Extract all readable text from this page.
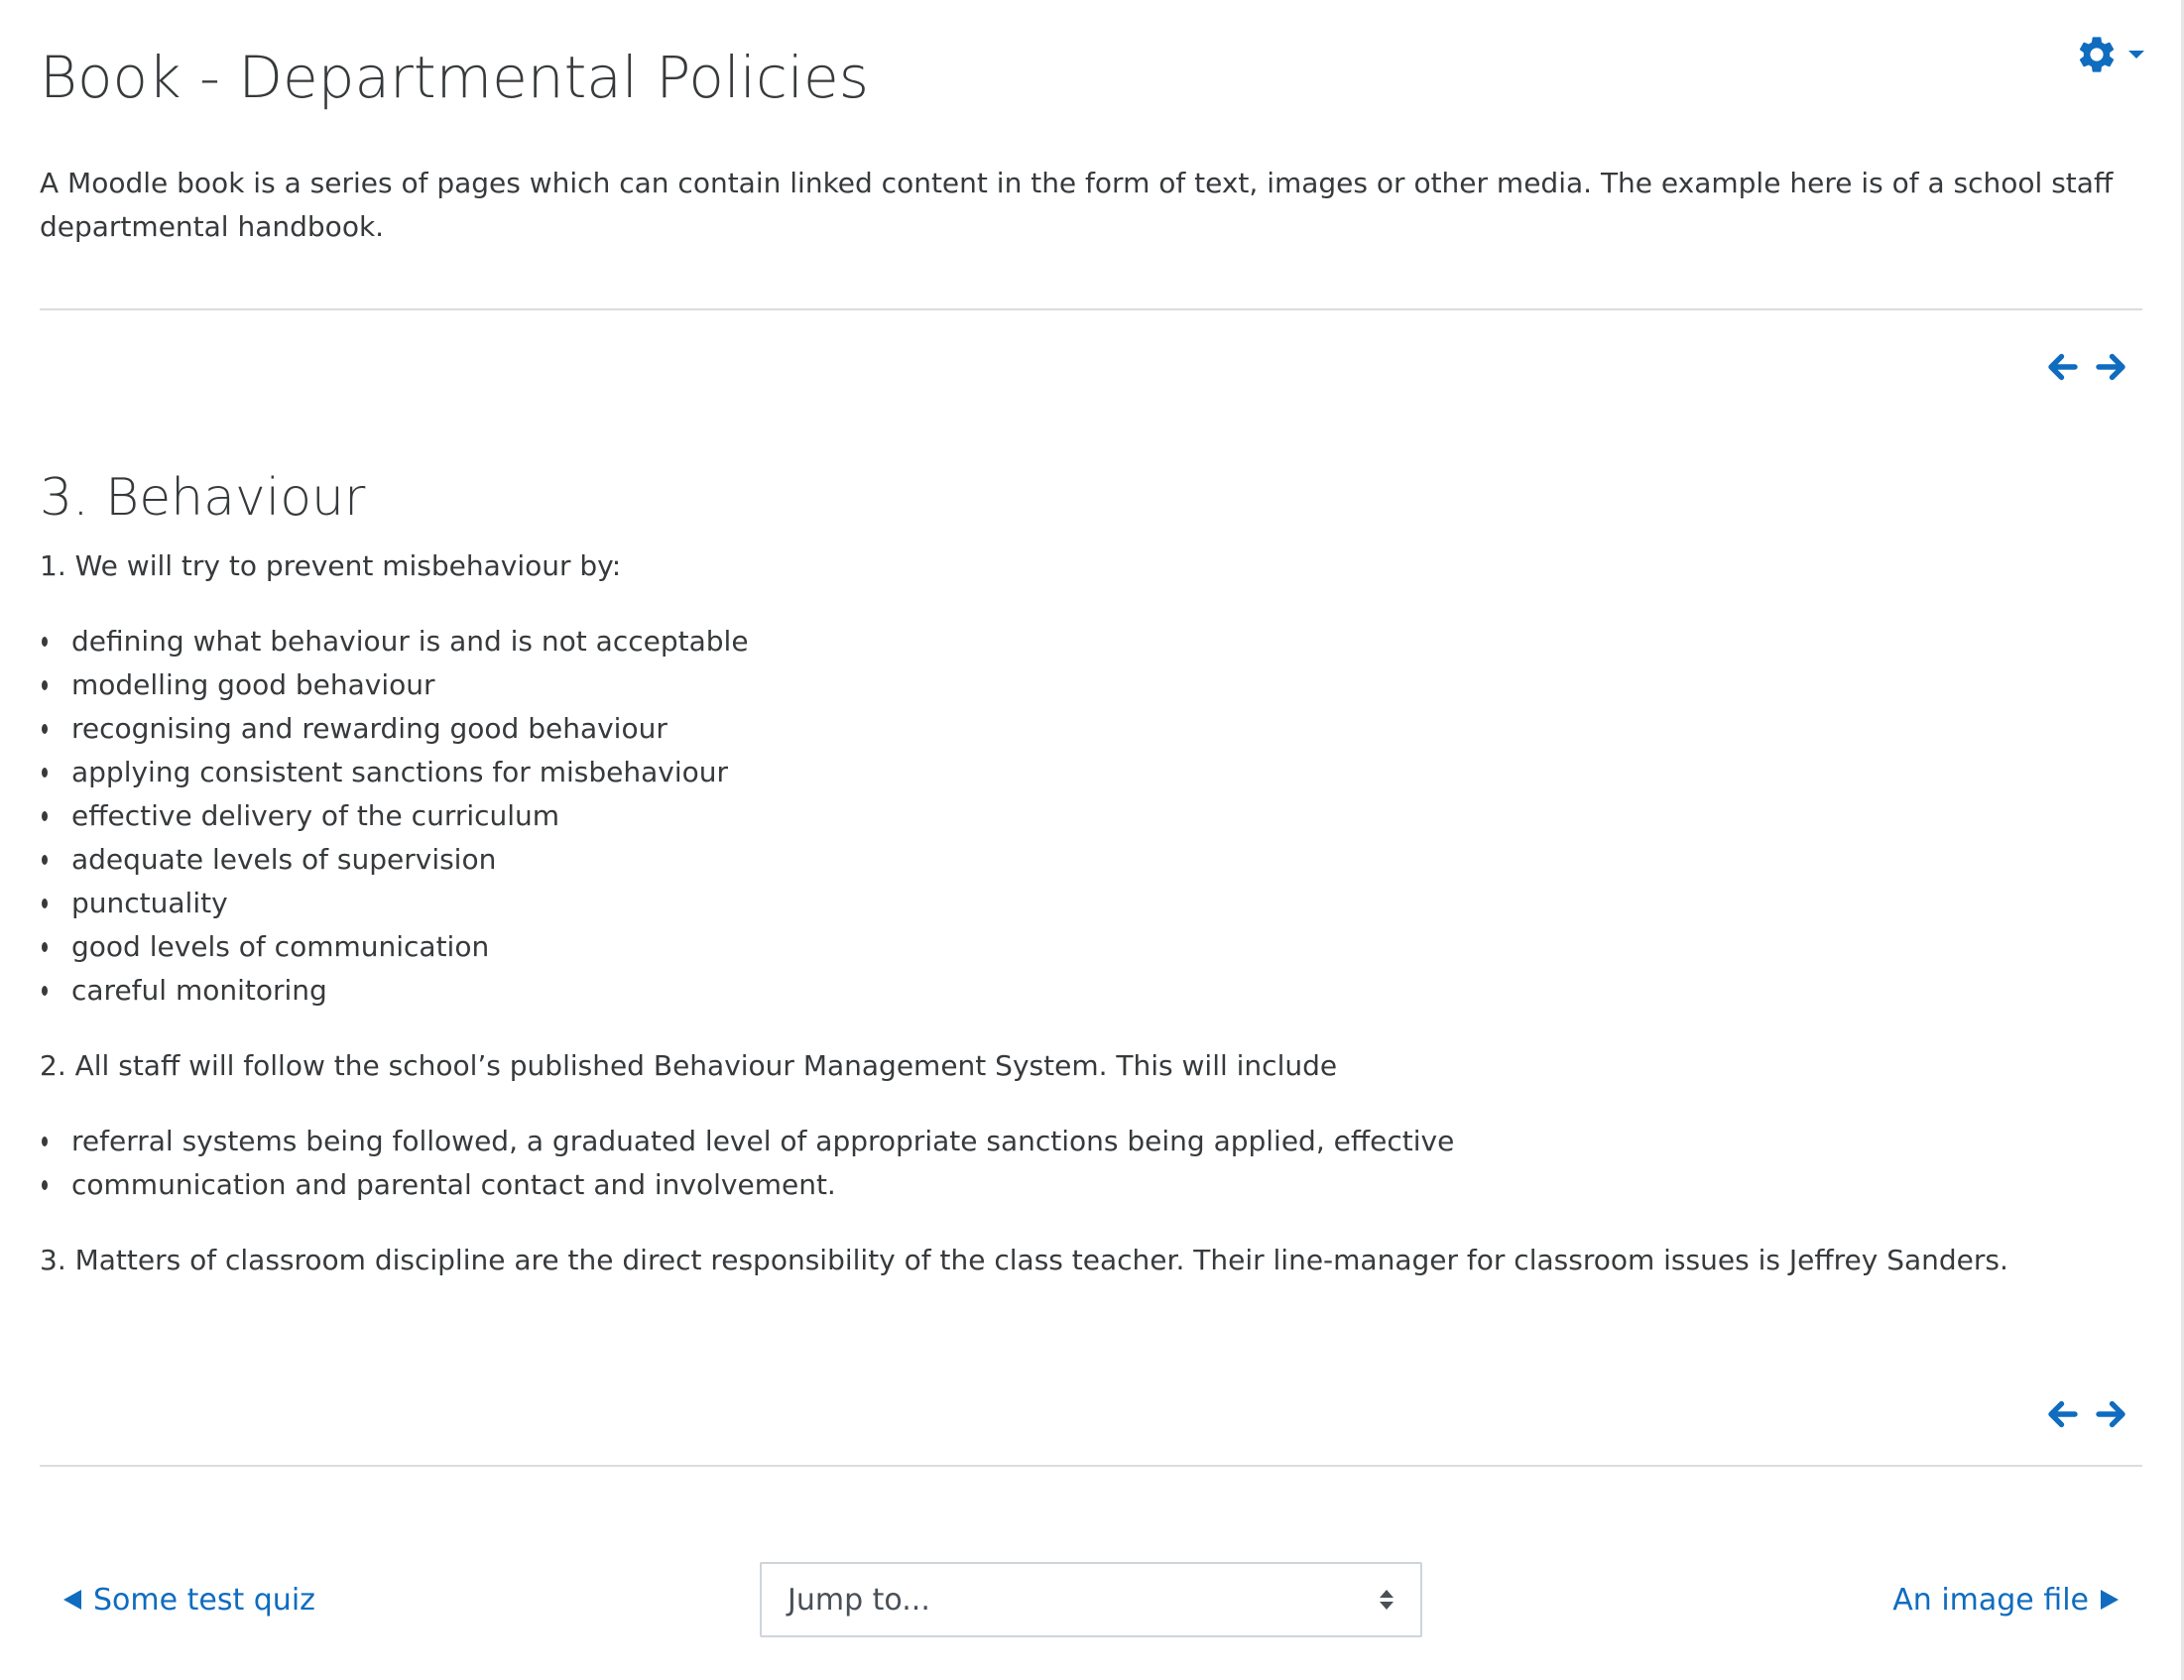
Book - Departmental Policies

A Moodle book is a series of pages which can contain linked content in the form of text, images or other media. The example here is of a school staff departmental handbook.

3. Behaviour

1. We will try to prevent misbehaviour by:

defining what behaviour is and is not acceptable
modelling good behaviour
recognising and rewarding good behaviour
applying consistent sanctions for misbehaviour
effective delivery of the curriculum
adequate levels of supervision
punctuality
good levels of communication
careful monitoring

2. All staff will follow the school’s published Behaviour Management System. This will include

referral systems being followed, a graduated level of appropriate sanctions being applied, effective
communication and parental contact and involvement.

3. Matters of classroom discipline are the direct responsibility of the class teacher. Their line-manager for classroom issues is Jeffrey Sanders.

Some test quiz	Jump to...	An image file
